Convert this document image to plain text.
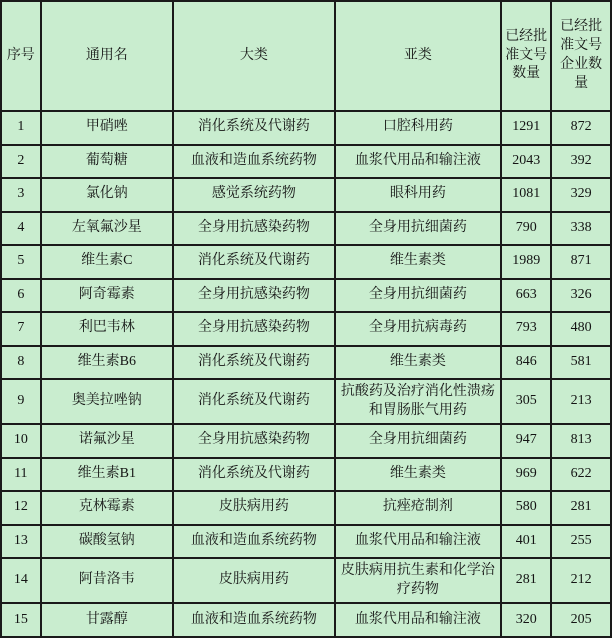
序号	通用名	大类	亚类	已经批准文号数量	已经批准文号企业数量
1	甲硝唑	消化系统及代谢药	口腔科用药	1291	872
2	葡萄糖	血液和造血系统药物	血浆代用品和输注液	2043	392
3	氯化钠	感觉系统药物	眼科用药	1081	329
4	左氧氟沙星	全身用抗感染药物	全身用抗细菌药	790	338
5	维生素C	消化系统及代谢药	维生素类	1989	871
6	阿奇霉素	全身用抗感染药物	全身用抗细菌药	663	326
7	利巴韦林	全身用抗感染药物	全身用抗病毒药	793	480
8	维生素B6	消化系统及代谢药	维生素类	846	581
9	奥美拉唑钠	消化系统及代谢药	抗酸药及治疗消化性溃疡和胃肠胀气用药	305	213
10	诺氟沙星	全身用抗感染药物	全身用抗细菌药	947	813
11	维生素B1	消化系统及代谢药	维生素类	969	622
12	克林霉素	皮肤病用药	抗痤疮制剂	580	281
13	碳酸氢钠	血液和造血系统药物	血浆代用品和输注液	401	255
14	阿昔洛韦	皮肤病用药	皮肤病用抗生素和化学治疗药物	281	212
15	甘露醇	血液和造血系统药物	血浆代用品和输注液	320	205
